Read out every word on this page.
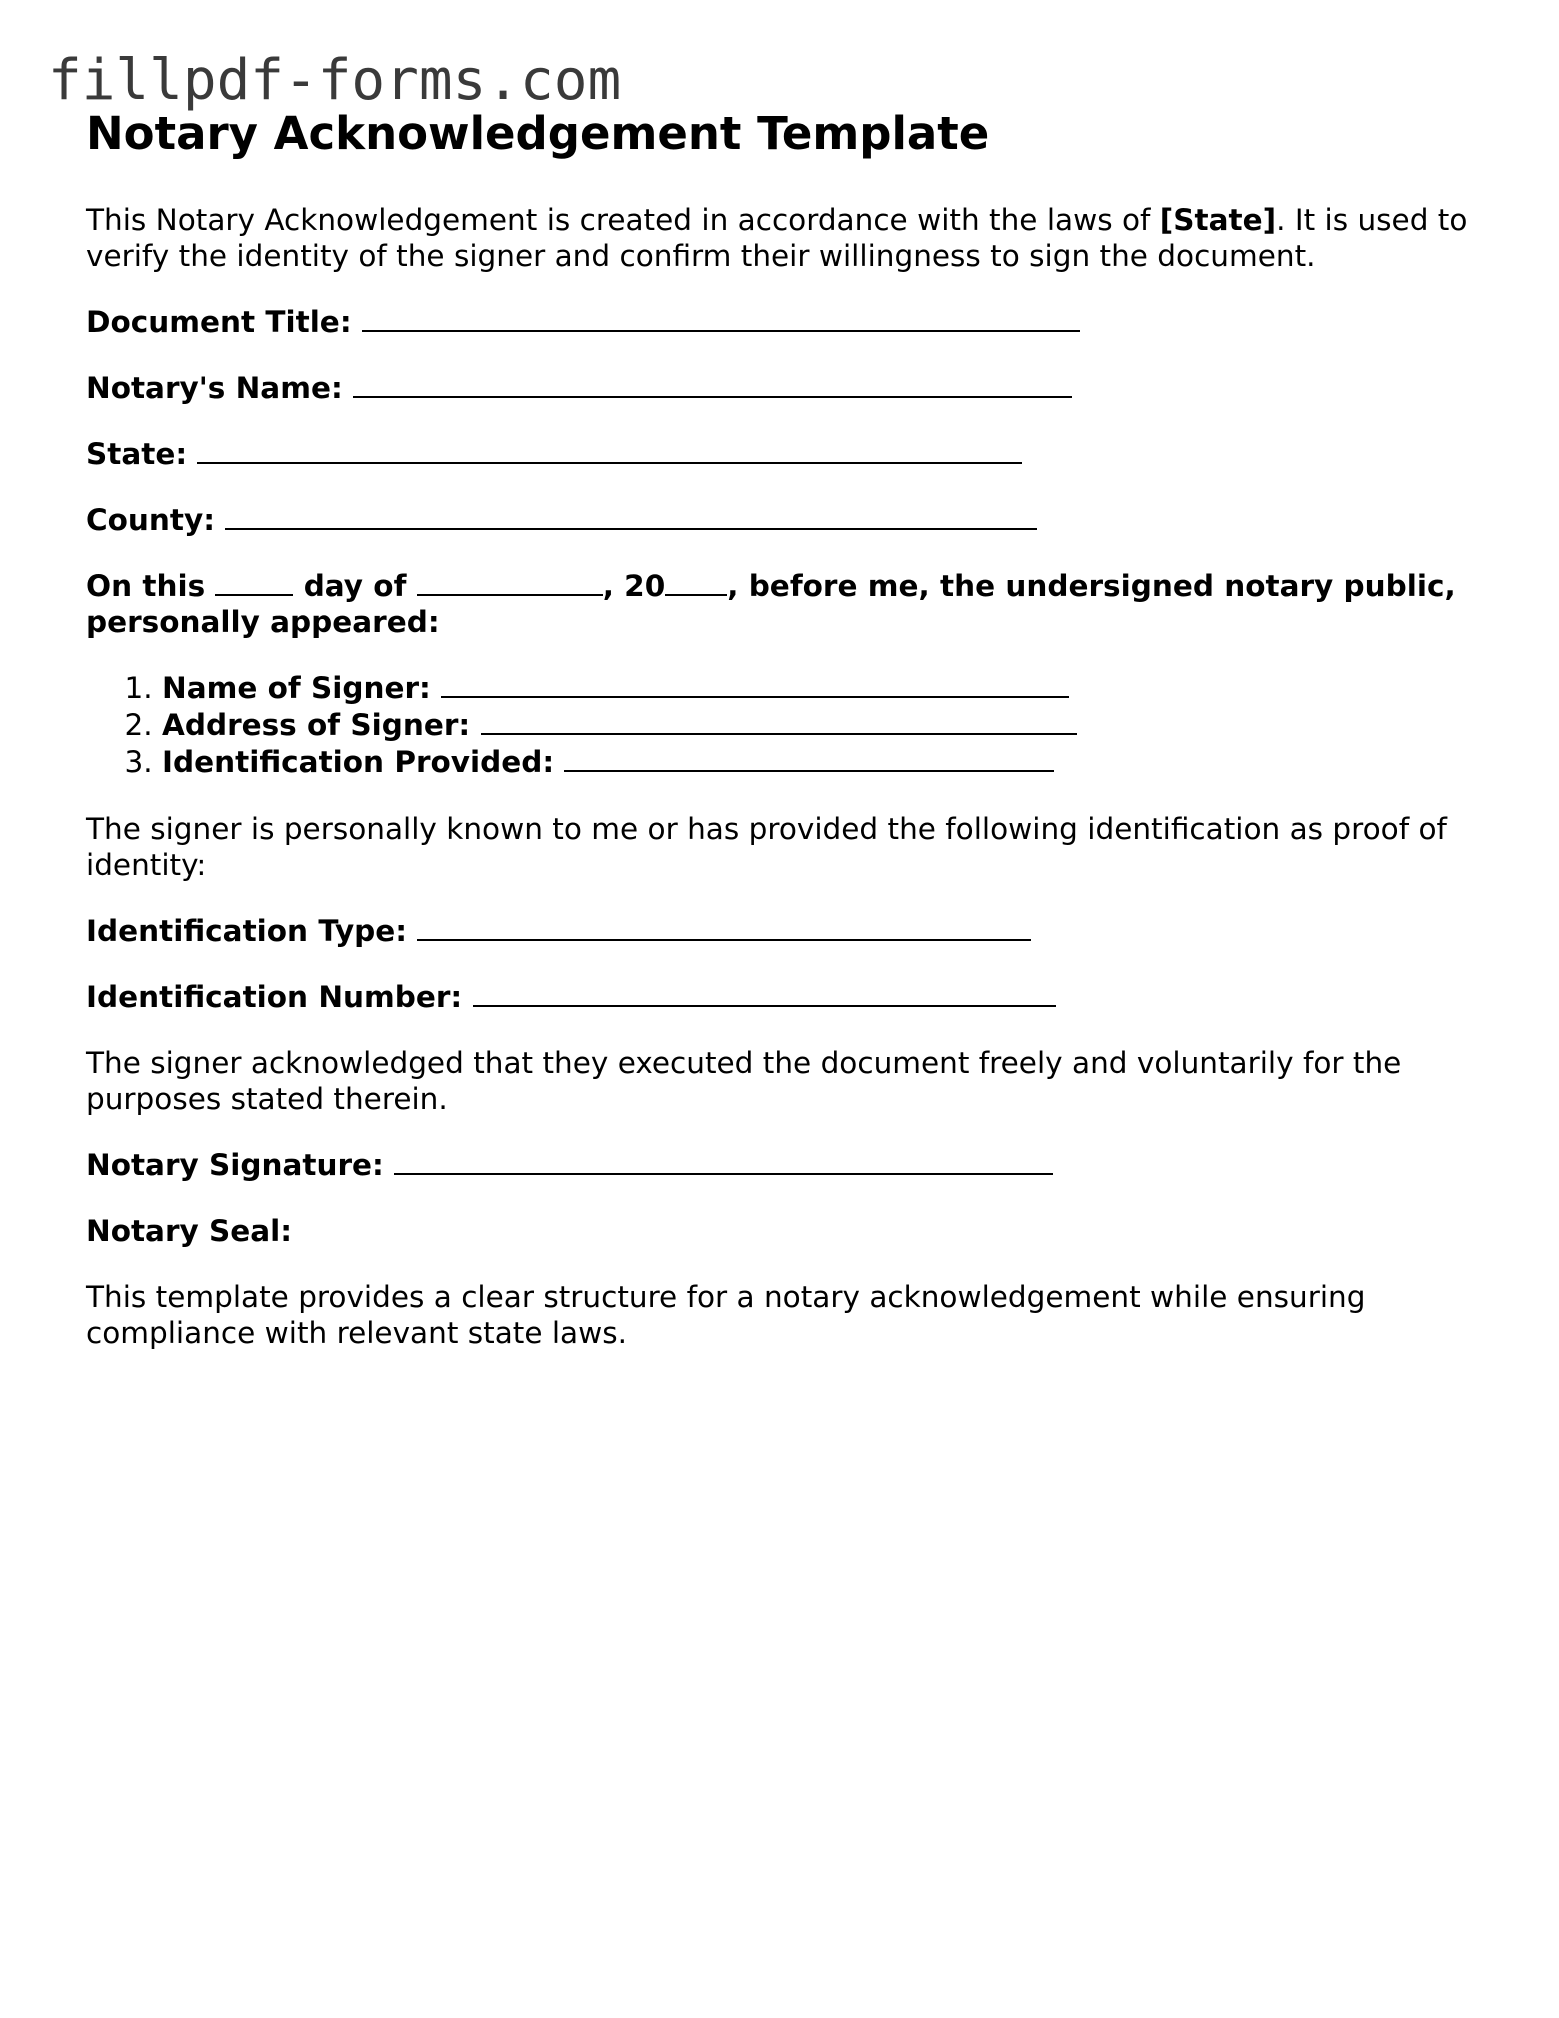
fillpdf-forms.com
Notary Acknowledgement Template

This Notary Acknowledgement is created in accordance with the laws of [State]. It is used to verify the identity of the signer and confirm their willingness to sign the document.

Document Title:

Notary's Name:

State:

County:

On this	day of	, 20 , before me, the undersigned notary public, personally appeared:

1. Name of Signer:
2. Address of Signer:
3. Identification Provided:

The signer is personally known to me or has provided the following identification as proof of identity:

Identification Type:

Identification Number:

The signer acknowledged that they executed the document freely and voluntarily for the purposes stated therein.

Notary Signature:

Notary Seal:

This template provides a clear structure for a notary acknowledgement while ensuring compliance with relevant state laws.
